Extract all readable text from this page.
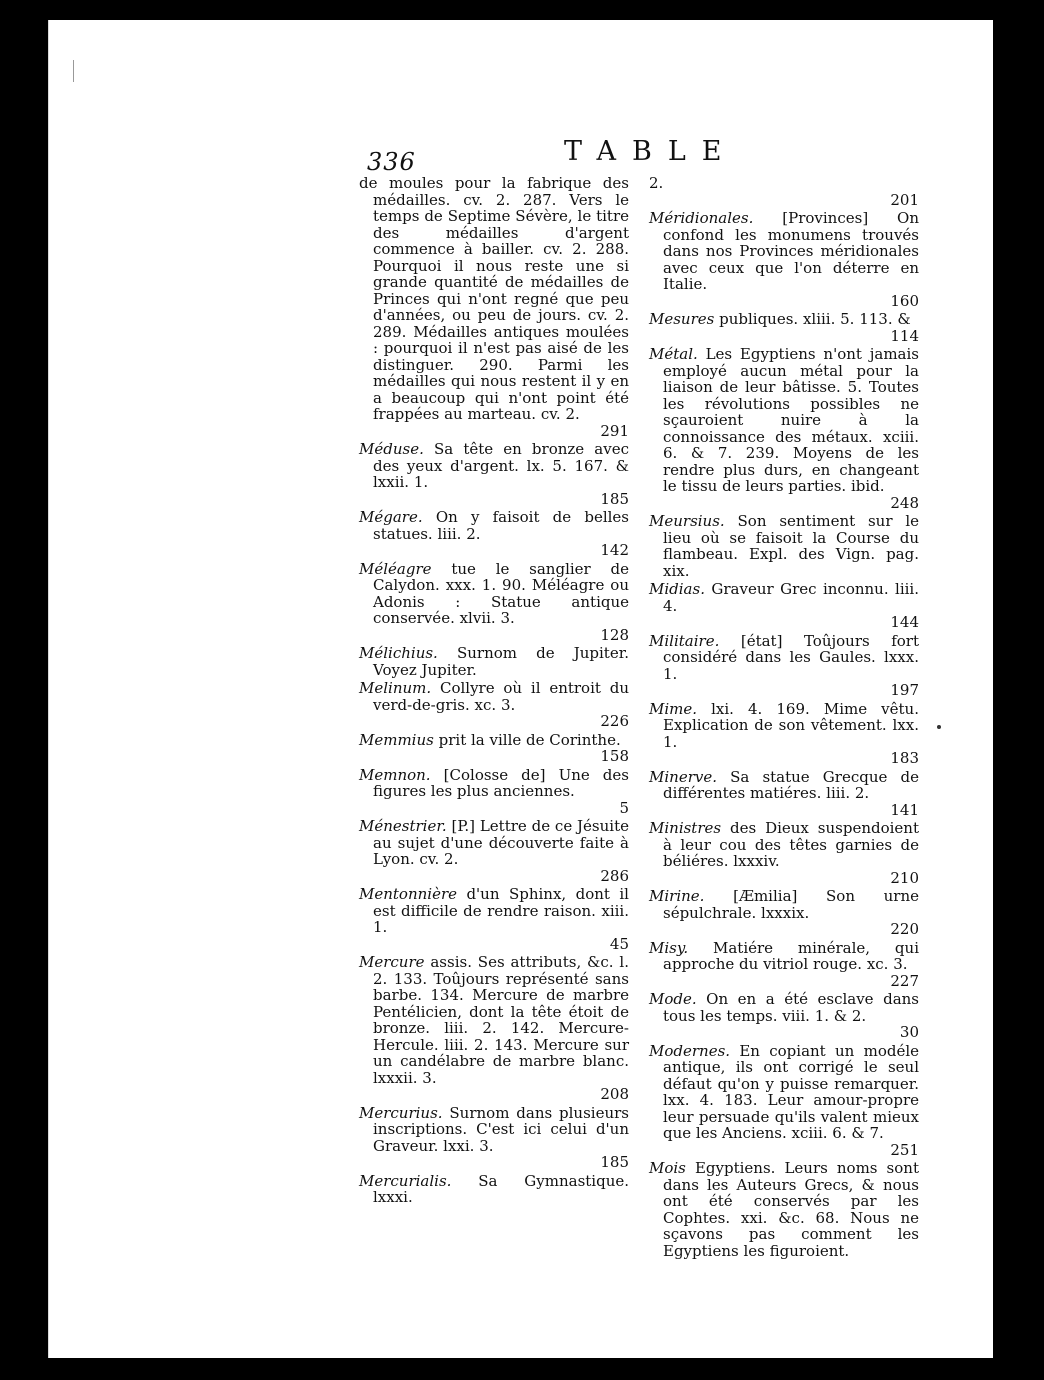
336	TABLE

de moules pour la fabrique des médailles. cv. 2. 287. Vers le temps de Septime Sévère, le titre des médailles d'argent commence à bailler. cv. 2. 288. Pourquoi il nous reste une si grande quantité de médailles de Princes qui n'ont regné que peu d'années, ou peu de jours. cv. 2. 289. Médailles antiques moulées : pourquoi il n'est pas aisé de les distinguer. 290. Parmi les médailles qui nous restent il y en a beaucoup qui n'ont point été frappées au marteau. cv. 2.
291

Méduse. Sa tête en bronze avec des yeux d'argent. lx. 5. 167. & lxxii. 1.
185

Mégare. On y faisoit de belles statues. liii. 2.
142

Méléagre tue le sanglier de Calydon. xxx. 1. 90. Méléagre ou Adonis : Statue antique conservée. xlvii. 3.
128

Mélichius. Surnom de Jupiter. Voyez Jupiter.

Melinum. Collyre où il entroit du verd-de-gris. xc. 3.
226

Memmius prit la ville de Corinthe.
158

Memnon. [Colosse de] Une des figures les plus anciennes.
5

Ménestrier. [P.] Lettre de ce Jésuite au sujet d'une découverte faite à Lyon. cv. 2.
286

Mentonnière d'un Sphinx, dont il est difficile de rendre raison. xiii. 1.
45

Mercure assis. Ses attributs, &c. l. 2. 133. Toûjours représenté sans barbe. 134. Mercure de marbre Pentélicien, dont la tête étoit de bronze. liii. 2. 142. Mercure-Hercule. liii. 2. 143. Mercure sur un candélabre de marbre blanc. lxxxii. 3.
208

Mercurius. Surnom dans plusieurs inscriptions. C'est ici celui d'un Graveur. lxxi. 3.
185

Mercurialis. Sa Gymnastique. lxxxi.

2.
201

Méridionales. [Provinces] On confond les monumens trouvés dans nos Provinces méridionales avec ceux que l'on déterre en Italie.
160

Mesures publiques. xliii. 5. 113. &
114

Métal. Les Egyptiens n'ont jamais employé aucun métal pour la liaison de leur bâtisse. 5. Toutes les révolutions possibles ne sçauroient nuire à la connoissance des métaux. xciii. 6. & 7. 239. Moyens de les rendre plus durs, en changeant le tissu de leurs parties. ibid.
248

Meursius. Son sentiment sur le lieu où se faisoit la Course du flambeau. Expl. des Vign. pag. xix.

Midias. Graveur Grec inconnu. liii. 4.
144

Militaire. [état] Toûjours fort considéré dans les Gaules. lxxx. 1.
197

Mime. lxi. 4. 169. Mime vêtu. Explication de son vêtement. lxx. 1.
183

Minerve. Sa statue Grecque de différentes matiéres. liii. 2.
141

Ministres des Dieux suspendoient à leur cou des têtes garnies de béliéres. lxxxiv.
210

Mirine. [Æmilia] Son urne sépulchrale. lxxxix.
220

Misy. Matiére minérale, qui approche du vitriol rouge. xc. 3.
227

Mode. On en a été esclave dans tous les temps. viii. 1. & 2.
30

Modernes. En copiant un modéle antique, ils ont corrigé le seul défaut qu'on y puisse remarquer. lxx. 4. 183. Leur amour-propre leur persuade qu'ils valent mieux que les Anciens. xciii. 6. & 7.
251

Mois Egyptiens. Leurs noms sont dans les Auteurs Grecs, & nous ont été conservés par les Cophtes. xxi. &c. 68. Nous ne sçavons pas comment les Egyptiens les figuroient.
